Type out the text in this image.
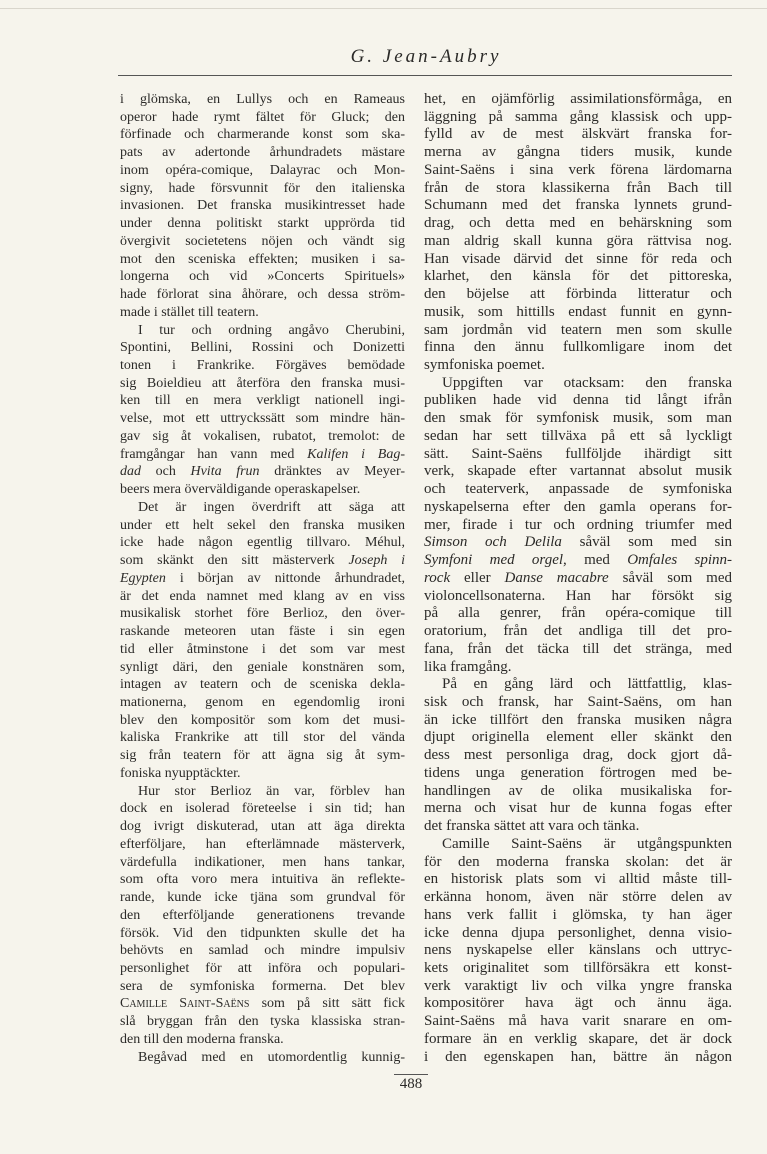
G. Jean-Aubry
i glömska, en Lullys och en Rameaus
operor hade rymt fältet för Gluck; den
förfinade och charmerande konst som ska-
pats av adertonde århundradets mästare
inom opéra-comique, Dalayrac och Mon-
signy, hade försvunnit för den italienska
invasionen. Det franska musikintresset hade
under denna politiskt starkt upprörda tid
övergivit societetens nöjen och vändt sig
mot den sceniska effekten; musiken i sa-
longerna och vid »Concerts Spirituels»
hade förlorat sina åhörare, och dessa ström-
made i stället till teatern.
I tur och ordning angåvo Cherubini,
Spontini, Bellini, Rossini och Donizetti
tonen i Frankrike. Förgäves bemödade
sig Boieldieu att återföra den franska musi-
ken till en mera verkligt nationell ingi-
velse, mot ett uttryckssätt som mindre hän-
gav sig åt vokalisen, rubatot, tremolot: de
framgångar han vann med Kalifen i Bag-
dad och Hvita frun dränktes av Meyer-
beers mera överväldigande operaskapelser.
Det är ingen överdrift att säga att
under ett helt sekel den franska musiken
icke hade någon egentlig tillvaro. Méhul,
som skänkt den sitt mästerverk Joseph i
Egypten i början av nittonde århundradet,
är det enda namnet med klang av en viss
musikalisk storhet före Berlioz, den över-
raskande meteoren utan fäste i sin egen
tid eller åtminstone i det som var mest
synligt däri, den geniale konstnären som,
intagen av teatern och de sceniska dekla-
mationerna, genom en egendomlig ironi
blev den kompositör som kom det musi-
kaliska Frankrike att till stor del vända
sig från teatern för att ägna sig åt sym-
foniska nyupptäckter.
Hur stor Berlioz än var, förblev han
dock en isolerad företeelse i sin tid; han
dog ivrigt diskuterad, utan att äga direkta
efterföljare, han efterlämnade mästerverk,
värdefulla indikationer, men hans tankar,
som ofta voro mera intuitiva än reflekte-
rande, kunde icke tjäna som grundval för
den efterföljande generationens trevande
försök. Vid den tidpunkten skulle det ha
behövts en samlad och mindre impulsiv
personlighet för att införa och populari-
sera de symfoniska formerna. Det blev
Camille Saint-Saëns som på sitt sätt fick
slå bryggan från den tyska klassiska stran-
den till den moderna franska.
Begåvad med en utomordentlig kunnig-
het, en ojämförlig assimilationsförmåga, en
läggning på samma gång klassisk och upp-
fylld av de mest älskvärt franska for-
merna av gångna tiders musik, kunde
Saint-Saëns i sina verk förena lärdomarna
från de stora klassikerna från Bach till
Schumann med det franska lynnets grund-
drag, och detta med en behärskning som
man aldrig skall kunna göra rättvisa nog.
Han visade därvid det sinne för reda och
klarhet, den känsla för det pittoreska,
den böjelse att förbinda litteratur och
musik, som hittills endast funnit en gynn-
sam jordmån vid teatern men som skulle
finna den ännu fullkomligare inom det
symfoniska poemet.
Uppgiften var otacksam: den franska
publiken hade vid denna tid långt ifrån
den smak för symfonisk musik, som man
sedan har sett tillväxa på ett så lyckligt
sätt. Saint-Saëns fullföljde ihärdigt sitt
verk, skapade efter vartannat absolut musik
och teaterverk, anpassade de symfoniska
nyskapelserna efter den gamla operans for-
mer, firade i tur och ordning triumfer med
Simson och Delila såväl som med sin
Symfoni med orgel, med Omfales spinn-
rock eller Danse macabre såväl som med
violoncellsonaterna. Han har försökt sig
på alla genrer, från opéra-comique till
oratorium, från det andliga till det pro-
fana, från det täcka till det stränga, med
lika framgång.
På en gång lärd och lättfattlig, klas-
sisk och fransk, har Saint-Saëns, om han
än icke tillfört den franska musiken några
djupt originella element eller skänkt den
dess mest personliga drag, dock gjort då-
tidens unga generation förtrogen med be-
handlingen av de olika musikaliska for-
merna och visat hur de kunna fogas efter
det franska sättet att vara och tänka.
Camille Saint-Saëns är utgångspunkten
för den moderna franska skolan: det är
en historisk plats som vi alltid måste till-
erkänna honom, även när större delen av
hans verk fallit i glömska, ty han äger
icke denna djupa personlighet, denna visio-
nens nyskapelse eller känslans och uttryc-
kets originalitet som tillförsäkra ett konst-
verk varaktigt liv och vilka yngre franska
kompositörer hava ägt och ännu äga.
Saint-Saëns må hava varit snarare en om-
formare än en verklig skapare, det är dock
i den egenskapen han, bättre än någon
488
